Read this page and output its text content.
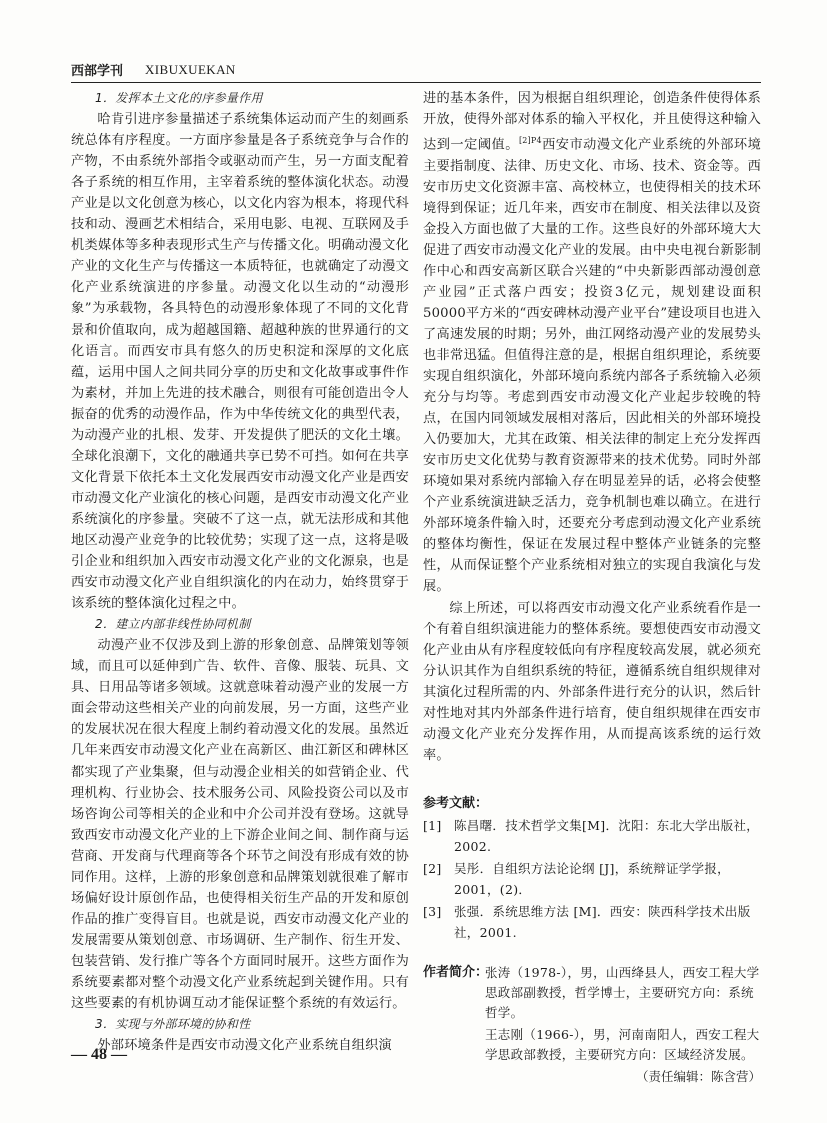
西部学刊 XIBUXUEKAN
1．发挥本土文化的序参量作用

哈肯引进序参量描述子系统集体运动而产生的刻画系统总体有序程度。一方面序参量是各子系统竞争与合作的产物，不由系统外部指令或驱动而产生，另一方面支配着各子系统的相互作用，主宰着系统的整体演化状态。动漫产业是以文化创意为核心，以文化内容为根本，将现代科技和动、漫画艺术相结合，采用电影、电视、互联网及手机类媒体等多种表现形式生产与传播文化。明确动漫文化产业的文化生产与传播这一本质特征，也就确定了动漫文化产业系统演进的序参量。动漫文化以生动的“动漫形象”为承载物，各具特色的动漫形象体现了不同的文化背景和价值取向，成为超越国籍、超越种族的世界通行的文化语言。而西安市具有悠久的历史积淀和深厚的文化底蕴，运用中国人之间共同分享的历史和文化故事或事件作为素材，并加上先进的技术融合，则很有可能创造出令人振奋的优秀的动漫作品，作为中华传统文化的典型代表，为动漫产业的扎根、发芽、开发提供了肥沃的文化土壤。全球化浪潮下，文化的融通共享已势不可挡。如何在共享文化背景下依托本土文化发展西安市动漫文化产业是西安市动漫文化产业演化的核心问题，是西安市动漫文化产业系统演化的序参量。突破不了这一点，就无法形成和其他地区动漫产业竞争的比较优势；实现了这一点，这将是吸引企业和组织加入西安市动漫文化产业的文化源泉，也是西安市动漫文化产业自组织演化的内在动力，始终贯穿于该系统的整体演化过程之中。

2．建立内部非线性协同机制

动漫产业不仅涉及到上游的形象创意、品牌策划等领域，而且可以延伸到广告、软件、音像、服装、玩具、文具、日用品等诸多领域。这就意味着动漫产业的发展一方面会带动这些相关产业的向前发展，另一方面，这些产业的发展状况在很大程度上制约着动漫文化的发展。虽然近几年来西安市动漫文化产业在高新区、曲江新区和碑林区都实现了产业集聚，但与动漫企业相关的如营销企业、代理机构、行业协会、技术服务公司、风险投资公司以及市场咨询公司等相关的企业和中介公司并没有登场。这就导致西安市动漫文化产业的上下游企业间之间、制作商与运营商、开发商与代理商等各个环节之间没有形成有效的协同作用。这样，上游的形象创意和品牌策划就很难了解市场偏好设计原创作品，也使得相关衍生产品的开发和原创作品的推广变得盲目。也就是说，西安市动漫文化产业的发展需要从策划创意、市场调研、生产制作、衍生开发、包装营销、发行推广等各个方面同时展开。这些方面作为系统要素都对整个动漫文化产业系统起到关键作用。只有这些要素的有机协调互动才能保证整个系统的有效运行。

3．实现与外部环境的协和性

外部环境条件是西安市动漫文化产业系统自组织演

进的基本条件，因为根据自组织理论，创造条件使得体系开放，使得外部对体系的输入平权化，并且使得这种输入达到一定阈值。$^{[2]P4}$西安市动漫文化产业系统的外部环境主要指制度、法律、历史文化、市场、技术、资金等。西安市历史文化资源丰富、高校林立，也使得相关的技术环境得到保证；近几年来，西安市在制度、相关法律以及资金投入方面也做了大量的工作。这些良好的外部环境大大促进了西安市动漫文化产业的发展。由中央电视台新影制作中心和西安高新区联合兴建的“中央新影西部动漫创意产业园”正式落户西安；投资3亿元，规划建设面积50000平方米的“西安碑林动漫产业平台”建设项目也进入了高速发展的时期；另外，曲江网络动漫产业的发展势头也非常迅猛。但值得注意的是，根据自组织理论，系统要实现自组织演化，外部环境向系统内部各子系统输入必须充分与均等。考虑到西安市动漫文化产业起步较晚的特点，在国内同领域发展相对落后，因此相关的外部环境投入仍要加大，尤其在政策、相关法律的制定上充分发挥西安市历史文化优势与教育资源带来的技术优势。同时外部环境如果对系统内部输入存在明显差异的话，必将会使整个产业系统演进缺乏活力，竞争机制也难以确立。在进行外部环境条件输入时，还要充分考虑到动漫文化产业系统的整体均衡性，保证在发展过程中整体产业链条的完整性，从而保证整个产业系统相对独立的实现自我演化与发展。

综上所述，可以将西安市动漫文化产业系统看作是一个有着自组织演进能力的整体系统。要想使西安市动漫文化产业由从有序程度较低向有序程度较高发展，就必须充分认识其作为自组织系统的特征，遵循系统自组织规律对其演化过程所需的内、外部条件进行充分的认识，然后针对性地对其内外部条件进行培育，使自组织规律在西安市动漫文化产业充分发挥作用，从而提高该系统的运行效率。

参考文献：
[1] 陈昌曙．技术哲学文集[M]．沈阳：东北大学出版社，2002.
[2] 吴彤．自组织方法论论纲 [J]，系统辩证学学报，2001，(2)．
[3] 张强．系统思维方法 [M]．西安：陕西科学技术出版社，2001.
作者简介：
张涛（1978-），男，山西绛县人，西安工程大学思政部副教授，哲学博士，主要研究方向：系统哲学。
王志刚（1966-），男，河南南阳人，西安工程大学思政部教授，主要研究方向：区域经济发展。
（责任编辑：陈含营）
— 48 —
